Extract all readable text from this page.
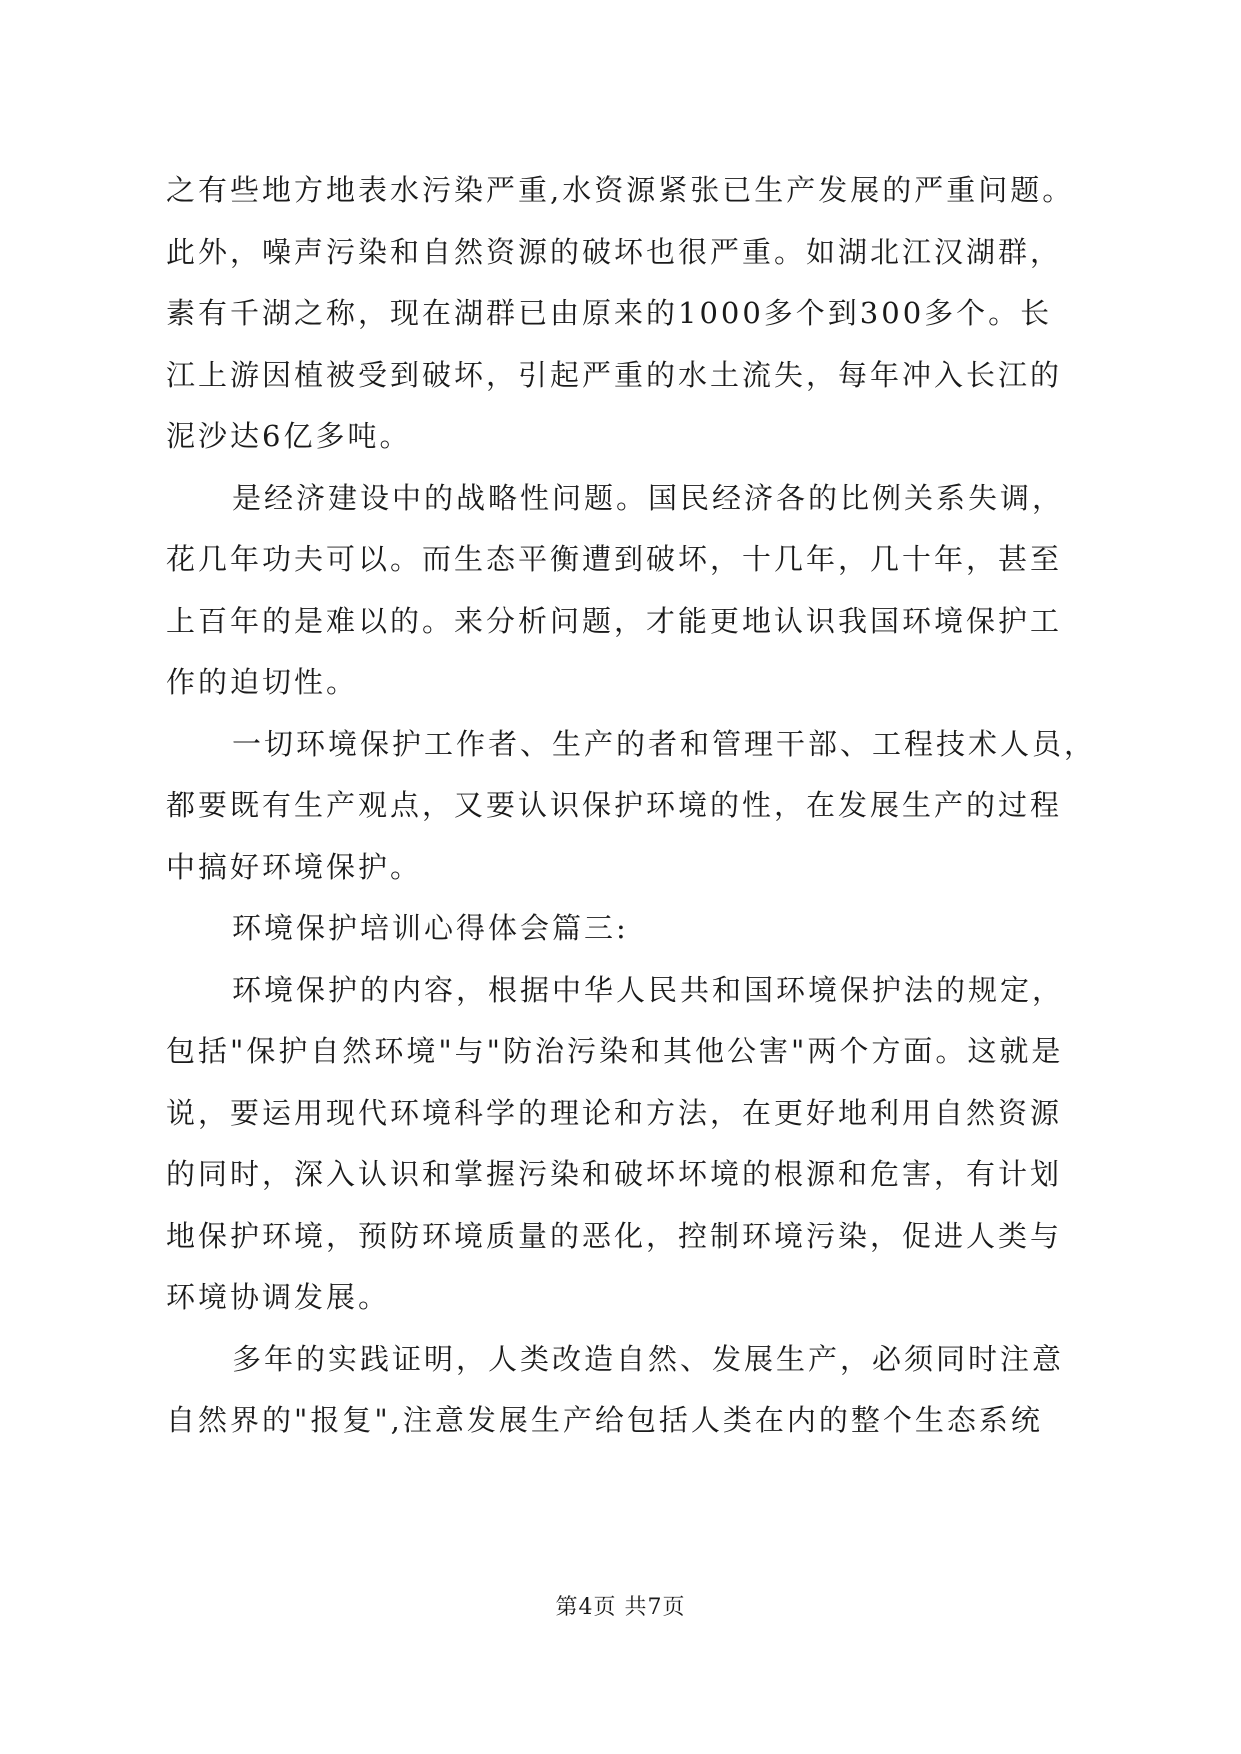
之有些地方地表水污染严重,水资源紧张已生产发展的严重问题。
此外，噪声污染和自然资源的破坏也很严重。如湖北江汉湖群，
素有千湖之称，现在湖群已由原来的1000多个到300多个。长
江上游因植被受到破坏，引起严重的水土流失，每年冲入长江的
泥沙达6亿多吨。
是经济建设中的战略性问题。国民经济各的比例关系失调，
花几年功夫可以。而生态平衡遭到破坏，十几年，几十年，甚至
上百年的是难以的。来分析问题，才能更地认识我国环境保护工
作的迫切性。
一切环境保护工作者、生产的者和管理干部、工程技术人员，
都要既有生产观点，又要认识保护环境的性，在发展生产的过程
中搞好环境保护。
环境保护培训心得体会篇三:
环境保护的内容，根据中华人民共和国环境保护法的规定，
包括"保护自然环境"与"防治污染和其他公害"两个方面。这就是
说，要运用现代环境科学的理论和方法，在更好地利用自然资源
的同时，深入认识和掌握污染和破坏坏境的根源和危害，有计划
地保护环境，预防环境质量的恶化，控制环境污染，促进人类与
环境协调发展。
多年的实践证明，人类改造自然、发展生产，必须同时注意
自然界的"报复",注意发展生产给包括人类在内的整个生态系统
第4页 共7页
